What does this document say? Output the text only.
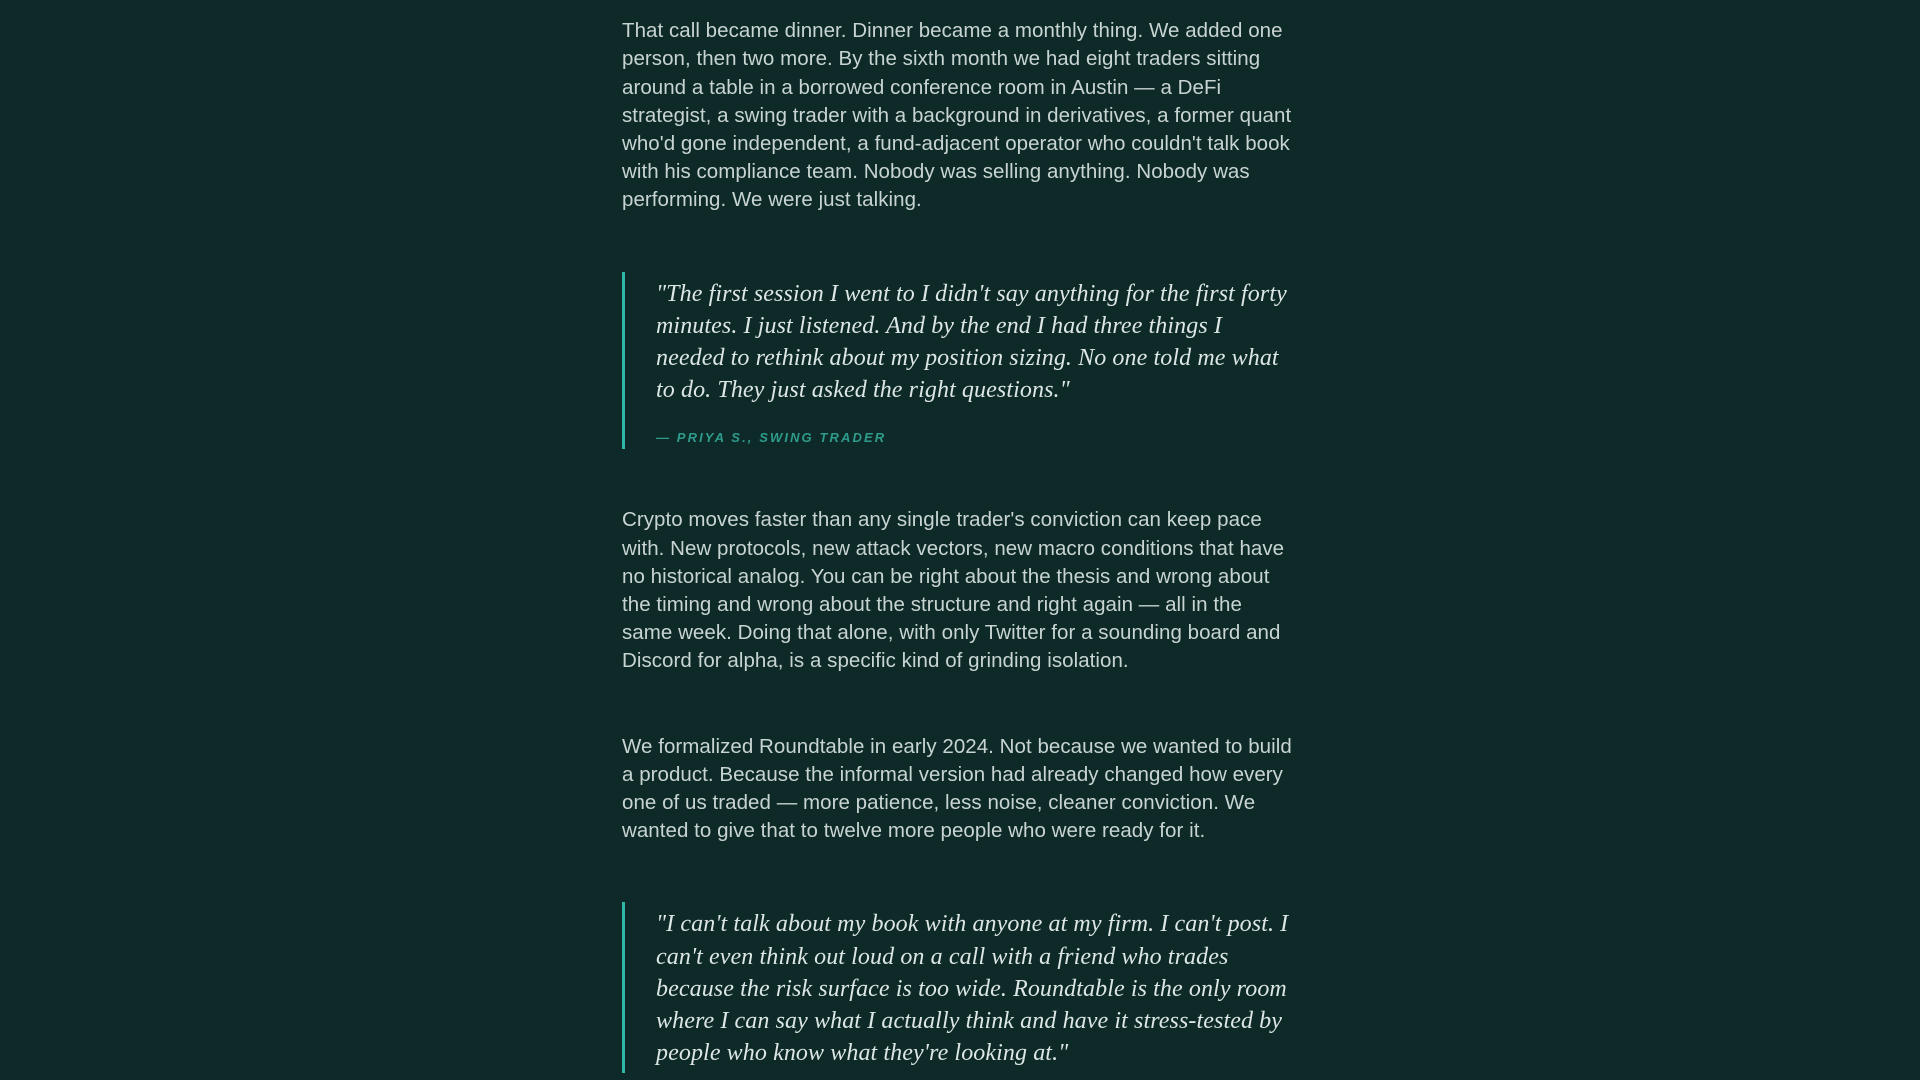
That call became dinner. Dinner became a monthly thing. We added one person, then two more. By the sixth month we had eight traders sitting around a table in a borrowed conference room in Austin — a DeFi strategist, a swing trader with a background in derivatives, a former quant who'd gone independent, a fund-adjacent operator who couldn't talk book with his compliance team. Nobody was selling anything. Nobody was performing. We were just talking.

"The first session I went to I didn't say anything for the first forty minutes. I just listened. And by the end I had three things I needed to rethink about my position sizing. No one told me what to do. They just asked the right questions."

— PRIYA S., SWING TRADER

Crypto moves faster than any single trader's conviction can keep pace with. New protocols, new attack vectors, new macro conditions that have no historical analog. You can be right about the thesis and wrong about the timing and wrong about the structure and right again — all in the same week. Doing that alone, with only Twitter for a sounding board and Discord for alpha, is a specific kind of grinding isolation.

We formalized Roundtable in early 2024. Not because we wanted to build a product. Because the informal version had already changed how every one of us traded — more patience, less noise, cleaner conviction. We wanted to give that to twelve more people who were ready for it.

"I can't talk about my book with anyone at my firm. I can't post. I can't even think out loud on a call with a friend who trades because the risk surface is too wide. Roundtable is the only room where I can say what I actually think and have it stress-tested by people who know what they're looking at."
